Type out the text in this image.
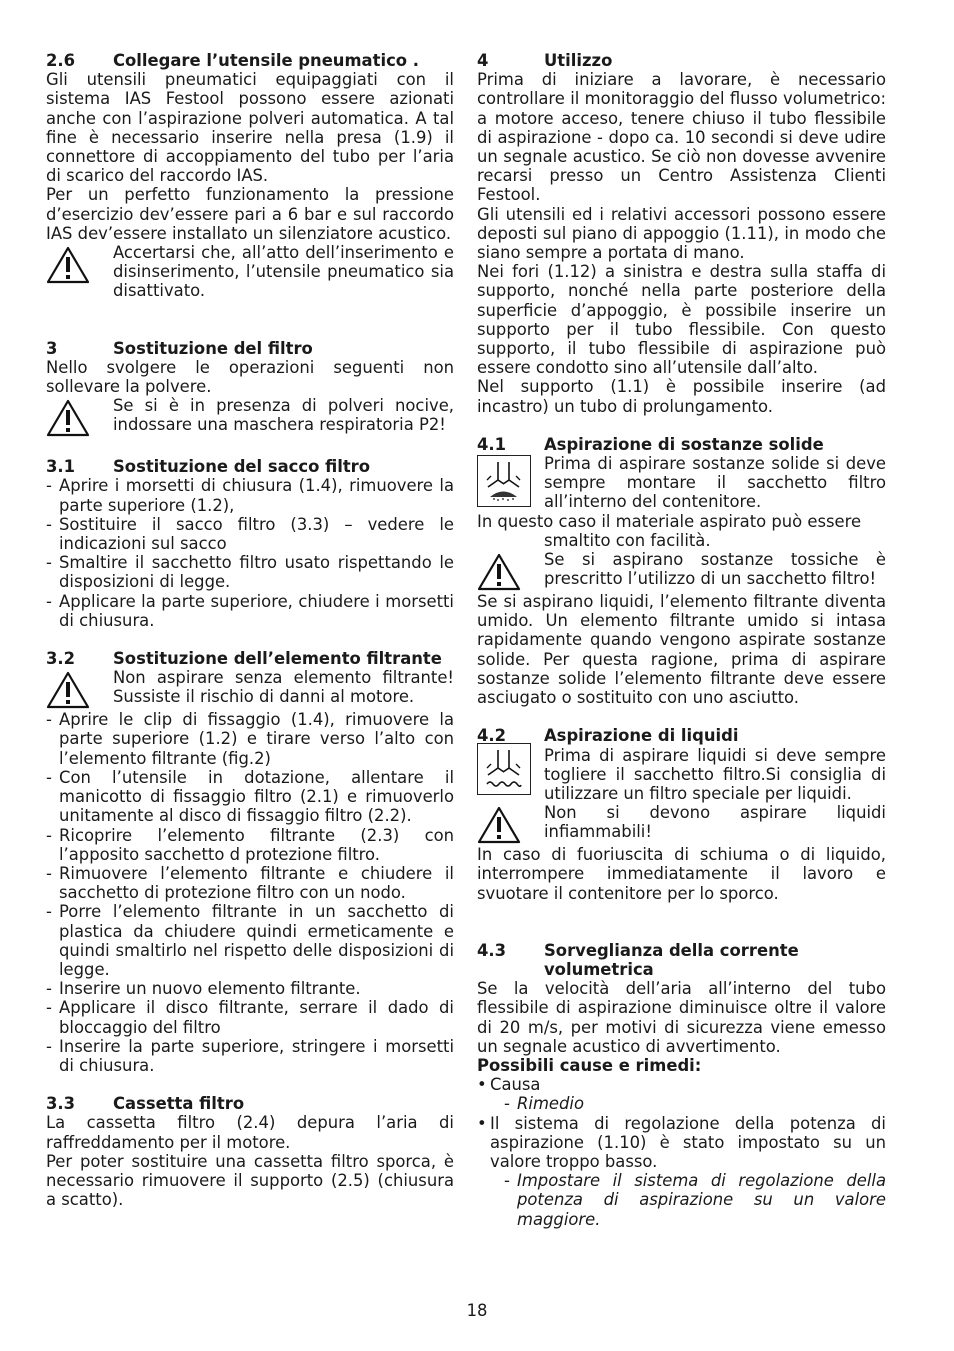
2.6	Collegare l’utensile pneumatico .

Gli utensili pneumatici equipaggiati con il sistema IAS Festool possono essere azionati anche con l’aspirazione polveri automatica. A tal fine è necessario inserire nella presa (1.9) il connettore di accoppiamento del tubo per l’aria di scarico del raccordo IAS.

Per un perfetto funzionamento la pressione d’esercizio dev’essere pari a 6 bar e sul raccordo IAS dev’essere installato un silenziatore acustico.

Accertarsi che, all’atto dell’inserimento e disinserimento, l’utensile pneumatico sia disattivato.
3	Sostituzione del filtro

Nello svolgere le operazioni seguenti non sollevare la polvere.

Se si è in presenza di polveri nocive, indossare una maschera respiratoria P2!
3.1	Sostituzione del sacco filtro
- Aprire i morsetti di chiusura (1.4), rimuovere la parte superiore (1.2),
- Sostituire il sacco filtro (3.3) – vedere le indicazioni sul sacco
- Smaltire il sacchetto filtro usato rispettando le disposizioni di legge.
- Applicare la parte superiore, chiudere i morsetti di chiusura.
3.2	Sostituzione dell’elemento filtrante
Non aspirare senza elemento filtrante! Sussiste il rischio di danni al motore.
- Aprire le clip di fissaggio (1.4), rimuovere la parte superiore (1.2) e tirare verso l’alto con l’elemento filtrante (fig.2)
- Con l’utensile in dotazione, allentare il manicotto di fissaggio filtro (2.1) e rimuoverlo unitamente al disco di fissaggio filtro (2.2).
- Ricoprire l’elemento filtrante (2.3) con l’apposito sacchetto d protezione filtro.
- Rimuovere l’elemento filtrante e chiudere il sacchetto di protezione filtro con un nodo.
- Porre l’elemento filtrante in un sacchetto di plastica da chiudere quindi ermeticamente e quindi smaltirlo nel rispetto delle disposizioni di legge.
- Inserire un nuovo elemento filtrante.
- Applicare il disco filtrante, serrare il dado di bloccaggio del filtro
- Inserire la parte superiore, stringere i morsetti di chiusura.
3.3	Cassetta filtro

La cassetta filtro (2.4) depura l’aria di raffreddamento per il motore.

Per poter sostituire una cassetta filtro sporca, è necessario rimuovere il supporto (2.5) (chiusura a scatto).

4	Utilizzo

Prima di iniziare a lavorare, è necessario controllare il monitoraggio del flusso volumetrico: a motore acceso, tenere chiuso il tubo flessibile di aspirazione - dopo ca. 10 secondi si deve udire un segnale acustico. Se ciò non dovesse avvenire recarsi presso un Centro Assistenza Clienti Festool.

Gli utensili ed i relativi accessori possono essere deposti sul piano di appoggio (1.11), in modo che siano sempre a portata di mano.

Nei fori (1.12) a sinistra e destra sulla staffa di supporto, nonché nella parte posteriore della superficie d’appoggio, è possibile inserire un supporto per il tubo flessibile. Con questo supporto, il tubo flessibile di aspirazione può essere condotto sino all’utensile dall’alto.

Nel supporto (1.1) è possibile inserire (ad incastro) un tubo di prolungamento.

4.1	Aspirazione di sostanze solide
Prima di aspirare sostanze solide si deve sempre montare il sacchetto filtro all’interno del contenitore.

In questo caso il materiale aspirato può essere

smaltito con facilità.

Se si aspirano sostanze tossiche è prescritto l’utilizzo di un sacchetto filtro!

Se si aspirano liquidi, l’elemento filtrante diventa umido. Un elemento filtrante umido si intasa rapidamente quando vengono aspirate sostanze solide. Per questa ragione, prima di aspirare sostanze solide l’elemento filtrante deve essere asciugato o sostituito con uno asciutto.

4.2	Aspirazione di liquidi
Prima di aspirare liquidi si deve sempre togliere il sacchetto filtro.Si consiglia di utilizzare un filtro speciale per liquidi.
Non si devono aspirare liquidi infiammabili!

In caso di fuoriuscita di schiuma o di liquido, interrompere immediatamente il lavoro e svuotare il contenitore per lo sporco.

4.3	Sorveglianza della corrente volumetrica

Se la velocità dell’aria all’interno del tubo flessibile di aspirazione diminuisce oltre il valore di 20 m/s, per motivi di sicurezza viene emesso un segnale acustico di avvertimento.

Possibili cause e rimedi:
• Causa
- Rimedio
• Il sistema di regolazione della potenza di aspirazione (1.10) è stato impostato su un valore troppo basso.
- Impostare il sistema di regolazione della potenza di aspirazione su un valore maggiore.
18
